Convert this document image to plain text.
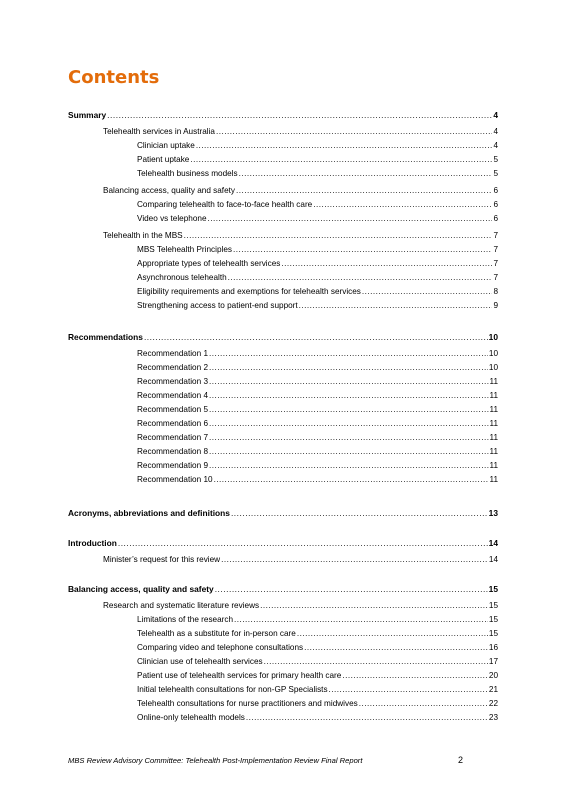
Contents
Summary . . .	4
Telehealth services in Australia . . .	4
Clinician uptake . . .	4
Patient uptake . . .	5
Telehealth business models . . .	5
Balancing access, quality and safety . . .	6
Comparing telehealth to face-to-face health care . . .	6
Video vs telephone . . .	6
Telehealth in the MBS . . .	7
MBS Telehealth Principles . . .	7
Appropriate types of telehealth services . . .	7
Asynchronous telehealth . . .	7
Eligibility requirements and exemptions for telehealth services . . .	8
Strengthening access to patient-end support . . .	9
Recommendations . . .	10
Recommendation 1 . . .	10
Recommendation 2 . . .	10
Recommendation 3 . . .	11
Recommendation 4 . . .	11
Recommendation 5 . . .	11
Recommendation 6 . . .	11
Recommendation 7 . . .	11
Recommendation 8 . . .	11
Recommendation 9 . . .	11
Recommendation 10 . . .	11
Acronyms, abbreviations and definitions . . .	13
Introduction . . .	14
Minister’s request for this review . . .	14
Balancing access, quality and safety . . .	15
Research and systematic literature reviews . . .	15
Limitations of the research . . .	15
Telehealth as a substitute for in-person care . . .	15
Comparing video and telephone consultations . . .	16
Clinician use of telehealth services . . .	17
Patient use of telehealth services for primary health care . . .	20
Initial telehealth consultations for non-GP Specialists . . .	21
Telehealth consultations for nurse practitioners and midwives . . .	22
Online-only telehealth models . . .	23
MBS Review Advisory Committee: Telehealth Post-Implementation Review Final Report	2
